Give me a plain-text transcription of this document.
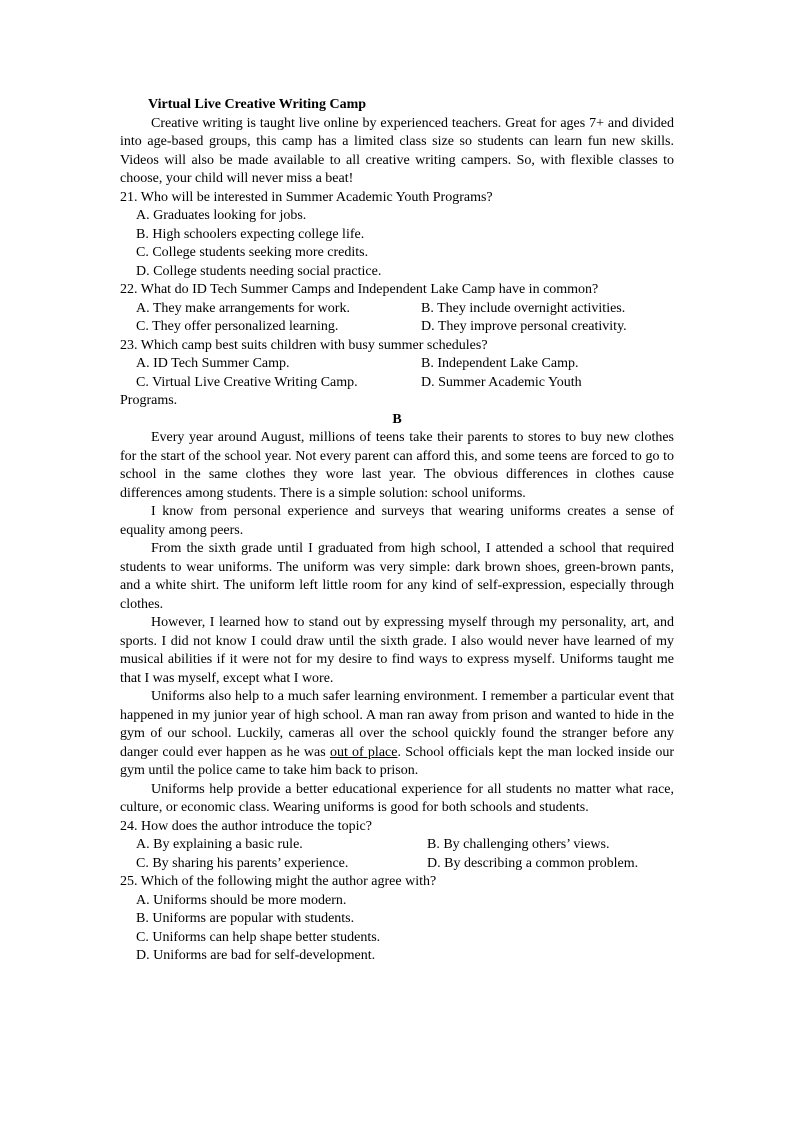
Virtual Live Creative Writing Camp

Creative writing is taught live online by experienced teachers. Great for ages 7+ and divided into age-based groups, this camp has a limited class size so students can learn fun new skills. Videos will also be made available to all creative writing campers. So, with flexible classes to choose, your child will never miss a beat!

21. Who will be interested in Summer Academic Youth Programs?

A. Graduates looking for jobs.

B. High schoolers expecting college life.

C. College students seeking more credits.

D. College students needing social practice.

22. What do ID Tech Summer Camps and Independent Lake Camp have in common?

A. They make arrangements for work.	B. They include overnight activities.
C. They offer personalized learning.	D. They improve personal creativity.

23. Which camp best suits children with busy summer schedules?

A. ID Tech Summer Camp.	B. Independent Lake Camp.
C. Virtual Live Creative Writing Camp.	D. Summer Academic Youth

Programs.

B

Every year around August, millions of teens take their parents to stores to buy new clothes for the start of the school year. Not every parent can afford this, and some teens are forced to go to school in the same clothes they wore last year. The obvious differences in clothes cause differences among students. There is a simple solution: school uniforms.

I know from personal experience and surveys that wearing uniforms creates a sense of equality among peers.

From the sixth grade until I graduated from high school, I attended a school that required students to wear uniforms. The uniform was very simple: dark brown shoes, green-brown pants, and a white shirt. The uniform left little room for any kind of self-expression, especially through clothes.

However, I learned how to stand out by expressing myself through my personality, art, and sports. I did not know I could draw until the sixth grade. I also would never have learned of my musical abilities if it were not for my desire to find ways to express myself. Uniforms taught me that I was myself, except what I wore.

Uniforms also help to a much safer learning environment. I remember a particular event that happened in my junior year of high school. A man ran away from prison and wanted to hide in the gym of our school. Luckily, cameras all over the school quickly found the stranger before any danger could ever happen as he was out of place. School officials kept the man locked inside our gym until the police came to take him back to prison.

Uniforms help provide a better educational experience for all students no matter what race, culture, or economic class. Wearing uniforms is good for both schools and students.

24. How does the author introduce the topic?

A. By explaining a basic rule.	B. By challenging others’ views.
C. By sharing his parents’ experience.	D. By describing a common problem.

25. Which of the following might the author agree with?

A. Uniforms should be more modern.

B. Uniforms are popular with students.

C. Uniforms can help shape better students.

D. Uniforms are bad for self-development.
